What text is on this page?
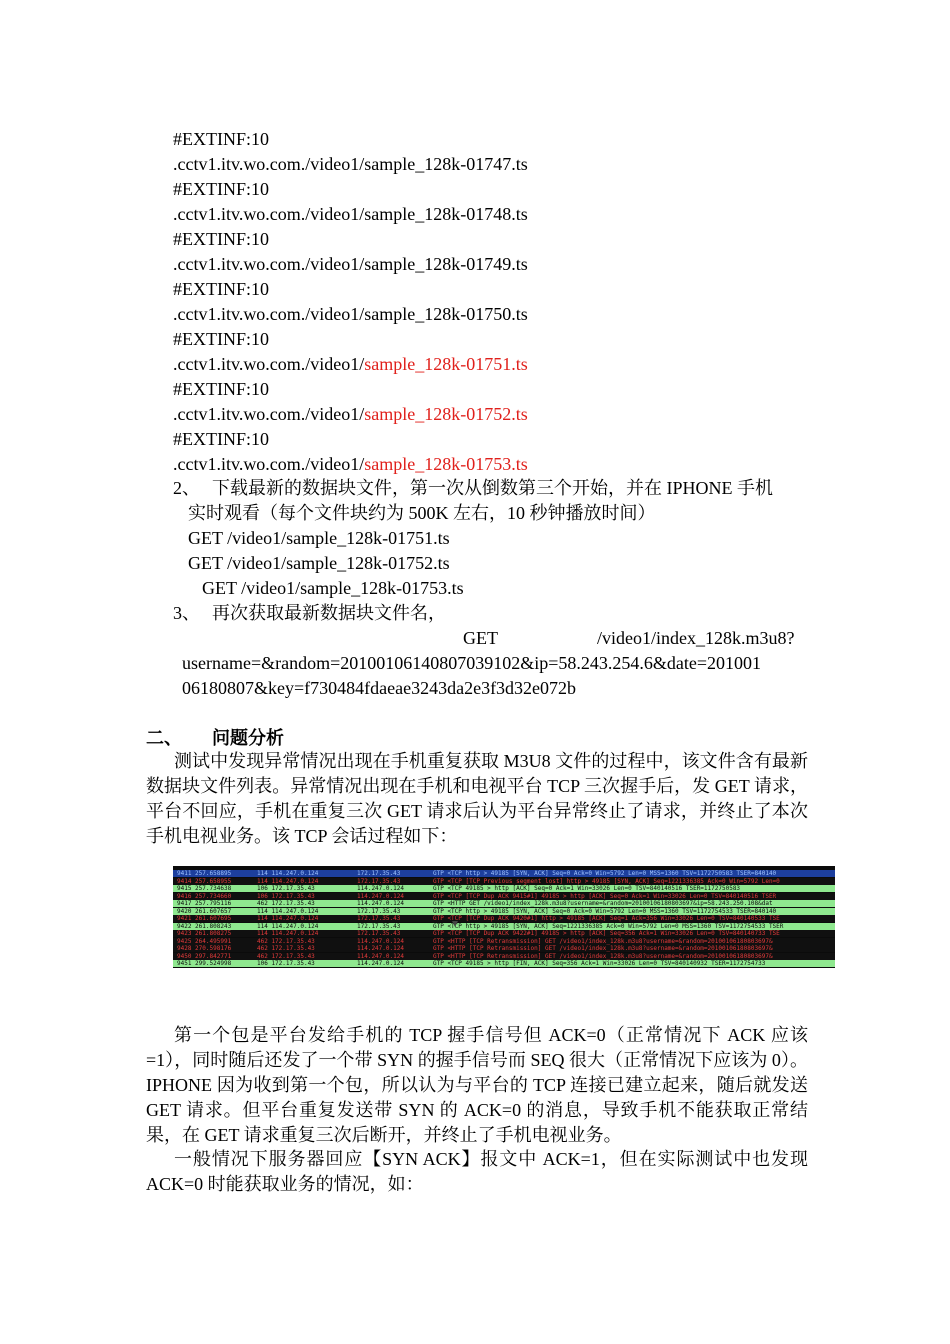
#EXTINF:10
.cctv1.itv.wo.com./video1/sample_128k-01747.ts
#EXTINF:10
.cctv1.itv.wo.com./video1/sample_128k-01748.ts
#EXTINF:10
.cctv1.itv.wo.com./video1/sample_128k-01749.ts
#EXTINF:10
.cctv1.itv.wo.com./video1/sample_128k-01750.ts
#EXTINF:10
.cctv1.itv.wo.com./video1/sample_128k-01751.ts
#EXTINF:10
.cctv1.itv.wo.com./video1/sample_128k-01752.ts
#EXTINF:10
.cctv1.itv.wo.com./video1/sample_128k-01753.ts
2、 下载最新的数据块文件，第一次从倒数第三个开始，并在 IPHONE 手机
实时观看（每个文件块约为 500K 左右，10 秒钟播放时间）
GET /video1/sample_128k-01751.ts
GET /video1/sample_128k-01752.ts
GET /video1/sample_128k-01753.ts
3、 再次获取最新数据块文件名，
GET	/video1/index_128k.m3u8?
username=&random=20100106140807039102&ip=58.243.254.6&date=201001
06180807&key=f730484fdaeae3243da2e3f3d32e072b
二、 问题分析

测试中发现异常情况出现在手机重复获取 M3U8 文件的过程中，该文件含有最新数据块文件列表。异常情况出现在手机和电视平台 TCP 三次握手后，发 GET 请求，平台不回应，手机在重复三次 GET 请求后认为平台异常终止了请求，并终止了本次手机电视业务。该 TCP 会话过程如下：

9411 257.658895	114 114.247.0.124	172.17.35.43	GTP <TCP http > 49185 [SYN, ACK] Seq=0 Ack=0 Win=5792 Len=0 MSS=1360 TSV=1172750583 TSER=840140
9414 257.658955	114 114.247.0.124	172.17.35.43	GTP <TCP [TCP Previous segment lost] http > 49185 [SYN, ACK] Seq=1221336385 Ack=0 Win=5792 Len=0
9415 257.734638	106 172.17.35.43	114.247.0.124	GTP <TCP 49185 > http [ACK] Seq=0 Ack=1 Win=33026 Len=0 TSV=840140516 TSER=1172750583
9416 257.734660	106 172.17.35.43	114.247.0.124	GTP <TCP [TCP Dup ACK 9415#1] 49185 > http [ACK] Seq=0 Ack=1 Win=33026 Len=0 TSV=840140516 TSER
9417 257.795116	462 172.17.35.43	114.247.0.124	GTP <HTTP GET /video1/index_128k.m3u8?username=&random=20100106180803697&ip=58.243.250.108&dat
9420 261.607657	114 114.247.0.124	172.17.35.43	GTP <TCP http > 49185 [SYN, ACK] Seq=0 Ack=0 Win=5792 Len=0 MSS=1360 TSV=1172754533 TSER=840140
9421 261.607695	114 114.247.0.124	172.17.35.43	GTP <TCP [TCP Dup ACK 9420#1] http > 49185 [ACK] Seq=1 Ack=356 Win=33026 Len=0 TSV=840140533 TSE
9422 261.808243	114 114.247.0.124	172.17.35.43	GTP <TCP http > 49185 [SYN, ACK] Seq=1221336385 Ack=0 Win=5792 Len=0 MSS=1360 TSV=1172754533 TSER
9423 261.808275	114 114.247.0.124	172.17.35.43	GTP <TCP [TCP Dup ACK 9422#1] 49185 > http [ACK] Seq=356 Ack=1 Win=33026 Len=0 TSV=840140733 TSE
9425 264.495991	462 172.17.35.43	114.247.0.124	GTP <HTTP [TCP Retransmission] GET /video1/index_128k.m3u8?username=&random=20100106180803697&
9428 270.598176	462 172.17.35.43	114.247.0.124	GTP <HTTP [TCP Retransmission] GET /video1/index_128k.m3u8?username=&random=20100106180803697&
9450 297.842771	462 172.17.35.43	114.247.0.124	GTP <HTTP [TCP Retransmission] GET /video1/index_128k.m3u8?username=&random=20100106180803697&
9451 299.524998	106 172.17.35.43	114.247.0.124	GTP <TCP 49185 > http [FIN, ACK] Seq=356 Ack=1 Win=33026 Len=0 TSV=840140932 TSER=1172754733

第一个包是平台发给手机的 TCP 握手信号但 ACK=0（正常情况下 ACK 应该=1），同时随后还发了一个带 SYN 的握手信号而 SEQ 很大（正常情况下应该为 0）。IPHONE 因为收到第一个包，所以认为与平台的 TCP 连接已建立起来，随后就发送 GET 请求。但平台重复发送带 SYN 的 ACK=0 的消息，导致手机不能获取正常结果，在 GET 请求重复三次后断开，并终止了手机电视业务。

一般情况下服务器回应【SYN ACK】报文中 ACK=1，但在实际测试中也发现 ACK=0 时能获取业务的情况，如：
